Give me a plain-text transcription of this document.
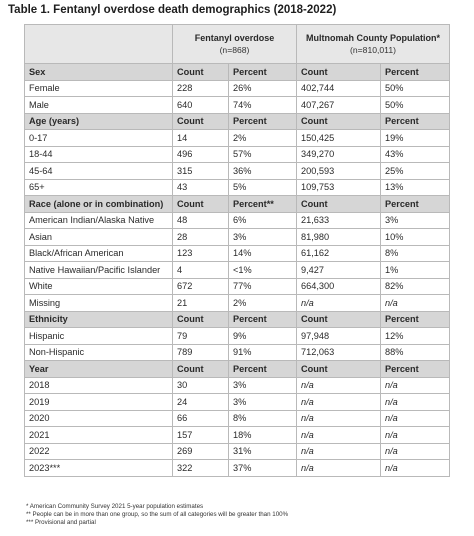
Table 1. Fentanyl overdose death demographics (2018-2022)

	Fentanyl overdose
(n=868)		Multnomah County Population*
(n=810,011)	

Sex	Count	Percent	Count	Percent
Female	228	26%	402,744	50%
Male	640	74%	407,267	50%
Age (years)	Count	Percent	Count	Percent
0-17	14	2%	150,425	19%
18-44	496	57%	349,270	43%
45-64	315	36%	200,593	25%
65+	43	5%	109,753	13%
Race (alone or in combination)	Count	Percent**	Count	Percent
American Indian/Alaska Native	48	6%	21,633	3%
Asian	28	3%	81,980	10%
Black/African American	123	14%	61,162	8%
Native Hawaiian/Pacific Islander	4	<1%	9,427	1%
White	672	77%	664,300	82%
Missing	21	2%	n/a	n/a
Ethnicity	Count	Percent	Count	Percent
Hispanic	79	9%	97,948	12%
Non-Hispanic	789	91%	712,063	88%
Year	Count	Percent	Count	Percent
2018	30	3%	n/a	n/a
2019	24	3%	n/a	n/a
2020	66	8%	n/a	n/a
2021	157	18%	n/a	n/a
2022	269	31%	n/a	n/a
2023***	322	37%	n/a	n/a
* American Community Survey 2021 5-year population estimates
** People can be in more than one group, so the sum of all categories will be greater than 100%
*** Provisional and partial
